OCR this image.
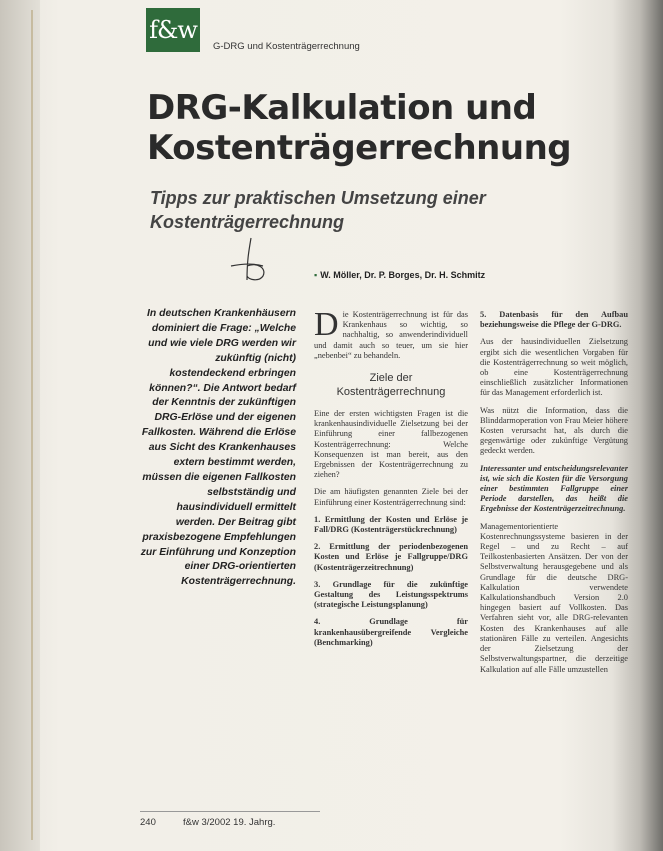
f&w
G-DRG und Kostenträgerrechnung
DRG-Kalkulation und
Kostenträgerrechnung
Tipps zur praktischen Umsetzung einer
Kostenträgerrechnung
▪ W. Möller, Dr. P. Borges, Dr. H. Schmitz
In deutschen Krankenhäusern dominiert die Frage: „Welche und wie viele DRG werden wir zukünftig (nicht) kostendeckend erbringen können?“. Die Antwort bedarf der Kenntnis der zukünftigen DRG-Erlöse und der eigenen Fallkosten. Während die Erlöse aus Sicht des Krankenhauses extern bestimmt werden, müssen die eigenen Fallkosten selbstständig und hausindividuell ermittelt werden. Der Beitrag gibt praxisbezogene Empfehlungen zur Einführung und Konzeption einer DRG-orientierten Kostenträgerrechnung.

Die Kostenträgerrechnung ist für das Krankenhaus so wichtig, so nachhaltig, so anwenderindividuell und damit auch so teuer, um sie hier „nebenbei“ zu behandeln.

Ziele der Kostenträgerrechnung

Eine der ersten wichtigsten Fragen ist die krankenhausindividuelle Zielsetzung bei der Einführung einer fallbezogenen Kostenträgerrechnung: Welche Konsequenzen ist man bereit, aus den Ergebnissen der Kostenträgerrechnung zu ziehen?

Die am häufigsten genannten Ziele bei der Einführung einer Kostenträgerrechnung sind:

1. Ermittlung der Kosten und Erlöse je Fall/DRG (Kostenträgerstückrechnung)

2. Ermittlung der periodenbezogenen Kosten und Erlöse je Fallgruppe/DRG (Kostenträgerzeitrechnung)

3. Grundlage für die zukünftige Gestaltung des Leistungsspektrums (strategische Leistungsplanung)

4. Grundlage für krankenhausübergreifende Vergleiche (Benchmarking)

5. Datenbasis für den Aufbau beziehungsweise die Pflege der G-DRG.

Aus der hausindividuellen Zielsetzung ergibt sich die wesentlichen Vorgaben für die Kostenträgerrechnung so weit möglich, ob eine Kostenträgerrechnung einschließlich zusätzlicher Informationen für das Management erforderlich ist.

Was nützt die Information, dass die Blinddarmoperation von Frau Meier höhere Kosten verursacht hat, als durch die gegenwärtige oder zukünftige Vergütung gedeckt werden.

Interessanter und entscheidungsrelevanter ist, wie sich die Kosten für die Versorgung einer bestimmten Fallgruppe einer Periode darstellen, das heißt die Ergebnisse der Kostenträgerzeitrechnung.

Managementorientierte Kostenrechnungssysteme basieren in der Regel – und zu Recht – auf Teilkostenbasierten Ansätzen. Der von der Selbstverwaltung herausgegebene und als Grundlage für die deutsche DRG-Kalkulation verwendete Kalkulationshandbuch Version 2.0 hingegen basiert auf Vollkosten. Das Verfahren sieht vor, alle DRG-relevanten Kosten des Krankenhauses auf alle stationären Fälle zu verteilen. Angesichts der Zielsetzung der Selbstverwaltungspartner, die derzeitige Kalkulation auf alle Fälle umzustellen

240	f&w 3/2002 19. Jahrg.
